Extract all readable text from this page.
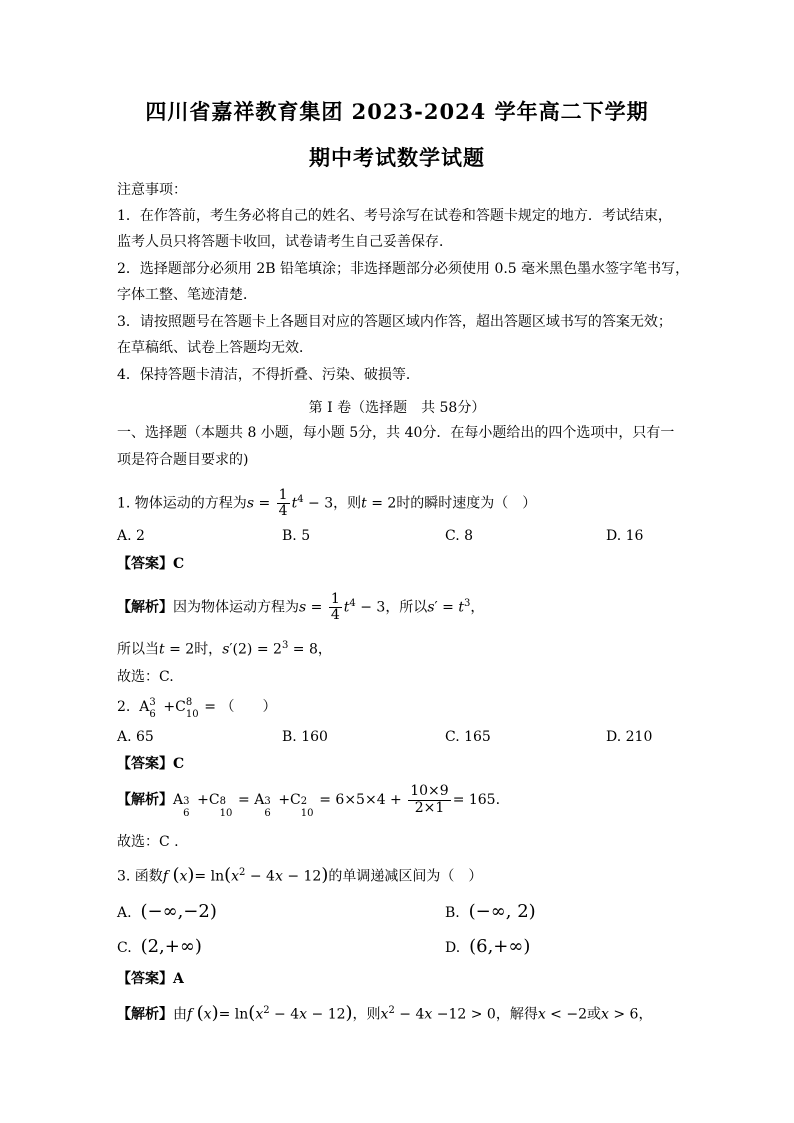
四川省嘉祥教育集团 2023-2024 学年高二下学期
期中考试数学试题
注意事项：
1．在作答前，考生务必将自己的姓名、考号涂写在试卷和答题卡规定的地方．考试结束，
监考人员只将答题卡收回，试卷请考生自己妥善保存．
2．选择题部分必须用 2B 铅笔填涂；非选择题部分必须使用 0.5 毫米黑色墨水签字笔书写，
字体工整、笔迹清楚．
3．请按照题号在答题卡上各题目对应的答题区域内作答，超出答题区域书写的答案无效；
在草稿纸、试卷上答题均无效．
4．保持答题卡清洁，不得折叠、污染、破损等．
第 I 卷（选择题　共 58分）
一、选择题（本题共 8 小题，每小题 5分，共 40分．在每小题给出的四个选项中，只有一
项是符合题目要求的)
1. 物体运动的方程为$s = \frac{1}{4} t^4 - 3$，则t = 2时的瞬时速度为（　）
A. 2	B. 5	C. 8	D. 16
【答案】C
【解析】因为物体运动方程为$s = \frac{1}{4} t^4 - 3$，所以$s' = t^3$，
所以当t = 2时，$s'(2) = 2^3 = 8$，
故选：C.
2.  A 3
6 +C 8
10 = （　　）
A. 65	B. 160	C. 165	D. 210
【答案】C
【解析】A 3
6
+C 8
10
= A 3
6
+C 2
10
= $6\times 5\times 4 + \frac{10\times 9}{2\times 1} = 165$.
故选：C .
3. 函数f $(x)= \ln(x^2 - 4x - 12)$的单调递减区间为（　）
A. (−∞,−2)	B. (−∞, 2)
C. (2,+∞)	D. (6,+∞)
【答案】A
【解析】由f $(x)= \ln(x^2 - 4x - 12)$，则$x^2 - 4x -12 > 0$，解得x < −2或x > 6，
